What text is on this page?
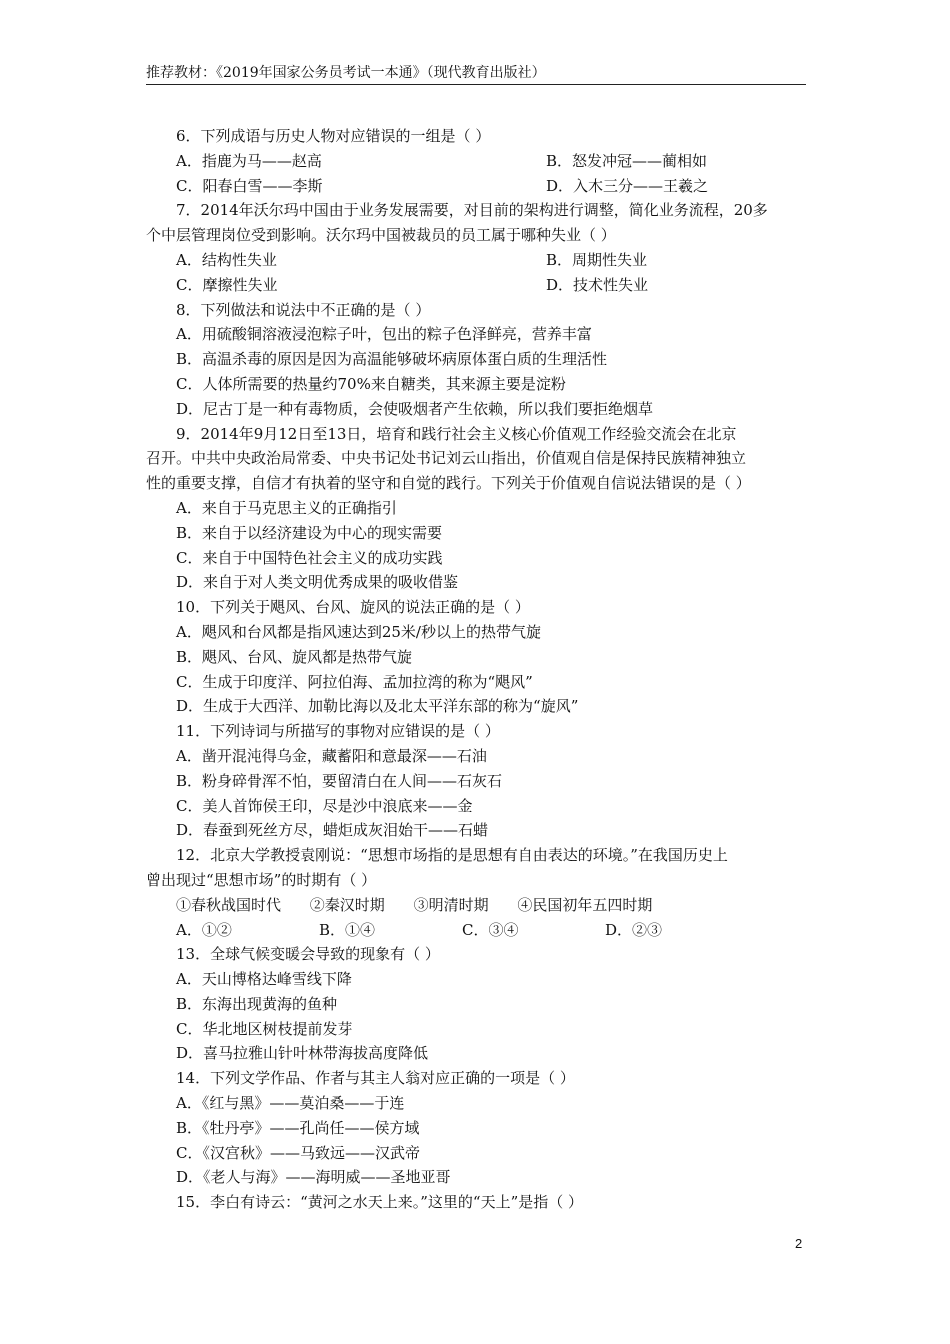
推荐教材：《2019年国家公务员考试一本通》（现代教育出版社）
6．下列成语与历史人物对应错误的一组是（ ）
A．指鹿为马——赵高	B．怒发冲冠——蔺相如
C．阳春白雪——李斯	D．入木三分——王羲之
7．2014年沃尔玛中国由于业务发展需要，对目前的架构进行调整，简化业务流程，20多
个中层管理岗位受到影响。沃尔玛中国被裁员的员工属于哪种失业（ ）
A．结构性失业	B．周期性失业
C．摩擦性失业	D．技术性失业
8．下列做法和说法中不正确的是（ ）
A．用硫酸铜溶液浸泡粽子叶，包出的粽子色泽鲜亮，营养丰富
B．高温杀毒的原因是因为高温能够破坏病原体蛋白质的生理活性
C．人体所需要的热量约70%来自糖类，其来源主要是淀粉
D．尼古丁是一种有毒物质，会使吸烟者产生依赖，所以我们要拒绝烟草
9．2014年9月12日至13日，培育和践行社会主义核心价值观工作经验交流会在北京
召开。中共中央政治局常委、中央书记处书记刘云山指出，价值观自信是保持民族精神独立
性的重要支撑，自信才有执着的坚守和自觉的践行。下列关于价值观自信说法错误的是（ ）
A．来自于马克思主义的正确指引
B．来自于以经济建设为中心的现实需要
C．来自于中国特色社会主义的成功实践
D．来自于对人类文明优秀成果的吸收借鉴
10．下列关于飓风、台风、旋风的说法正确的是（ ）
A．飓风和台风都是指风速达到25米/秒以上的热带气旋
B．飓风、台风、旋风都是热带气旋
C．生成于印度洋、阿拉伯海、孟加拉湾的称为“飓风”
D．生成于大西洋、加勒比海以及北太平洋东部的称为“旋风”
11．下列诗词与所描写的事物对应错误的是（ ）
A．凿开混沌得乌金，藏蓄阳和意最深——石油
B．粉身碎骨浑不怕，要留清白在人间——石灰石
C．美人首饰侯王印，尽是沙中浪底来——金
D．春蚕到死丝方尽，蜡炬成灰泪始干——石蜡
12．北京大学教授袁刚说：“思想市场指的是思想有自由表达的环境。”在我国历史上
曾出现过“思想市场”的时期有（ ）
①春秋战国时代 ②秦汉时期 ③明清时期 ④民国初年五四时期
A．①②	B．①④	C．③④	D．②③
13．全球气候变暖会导致的现象有（ ）
A．天山博格达峰雪线下降
B．东海出现黄海的鱼种
C．华北地区树枝提前发芽
D．喜马拉雅山针叶林带海拔高度降低
14．下列文学作品、作者与其主人翁对应正确的一项是（ ）
A．《红与黑》——莫泊桑——于连
B．《牡丹亭》——孔尚任——侯方域
C．《汉宫秋》——马致远——汉武帝
D．《老人与海》——海明威——圣地亚哥
15．李白有诗云：“黄河之水天上来。”这里的“天上”是指（ ）
2
